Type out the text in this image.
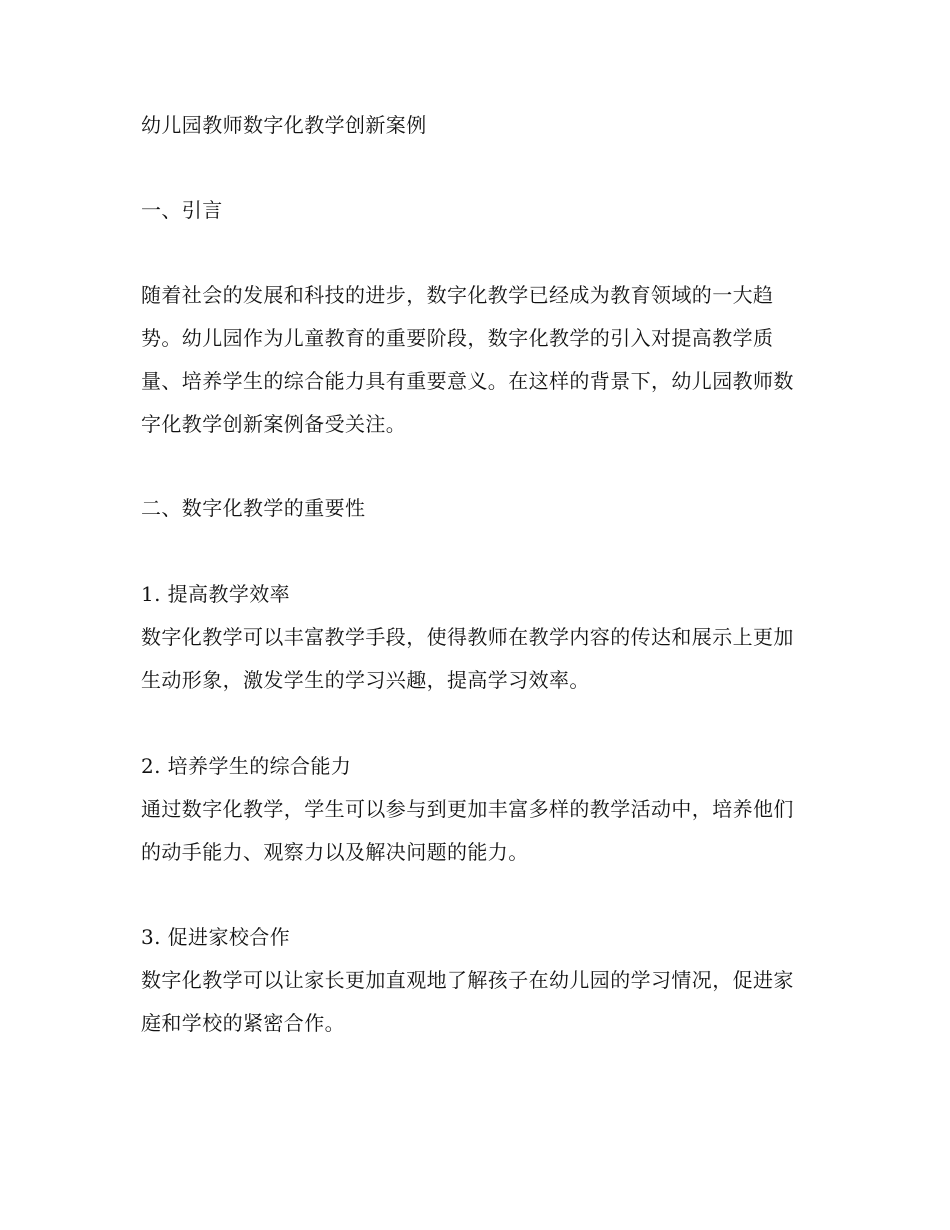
幼儿园教师数字化教学创新案例

一、引言

随着社会的发展和科技的进步，数字化教学已经成为教育领域的一大趋势。幼儿园作为儿童教育的重要阶段，数字化教学的引入对提高教学质量、培养学生的综合能力具有重要意义。在这样的背景下，幼儿园教师数字化教学创新案例备受关注。

二、数字化教学的重要性

1. 提高教学效率
数字化教学可以丰富教学手段，使得教师在教学内容的传达和展示上更加生动形象，激发学生的学习兴趣，提高学习效率。
2. 培养学生的综合能力
通过数字化教学，学生可以参与到更加丰富多样的教学活动中，培养他们的动手能力、观察力以及解决问题的能力。
3. 促进家校合作
数字化教学可以让家长更加直观地了解孩子在幼儿园的学习情况，促进家庭和学校的紧密合作。
